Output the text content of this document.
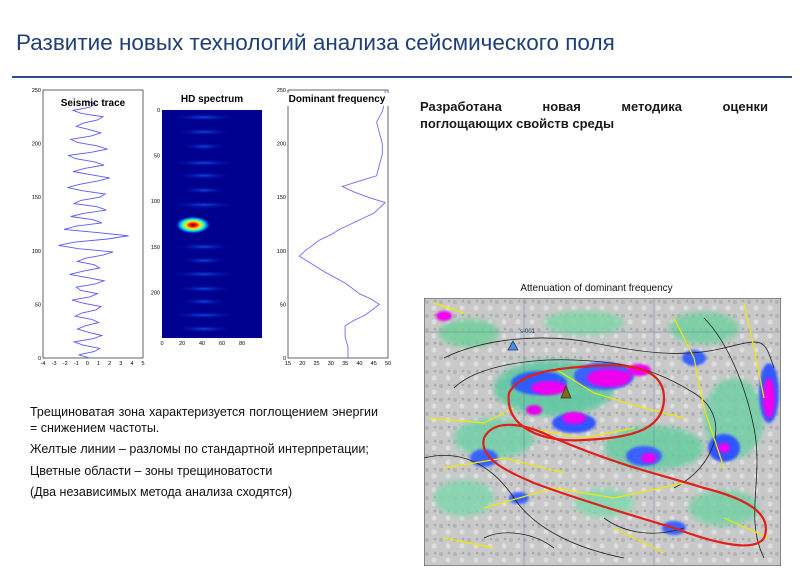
Развитие новых технологий анализа сейсмического поля
0
50
100
150
200
250
-4 -3 -2 -1 0 1 2 3 4 5
Seismic trace	HD spectrum
0
50
100
150
200
0	20	40	60	80
0
50
100
150
200
250
15 20 25 30 35 40 45 50
Dominant frequency	Разработана новая методика оценки
поглощающих свойств среды

Трещиноватая зона характеризуется поглощением энергии = снижением частоты.

Желтые линии – разломы по стандартной интерпретации;

Цветные области – зоны трещиноватости

(Два независимых метода анализа сходятся)

Attenuation of dominant frequency
s-001
